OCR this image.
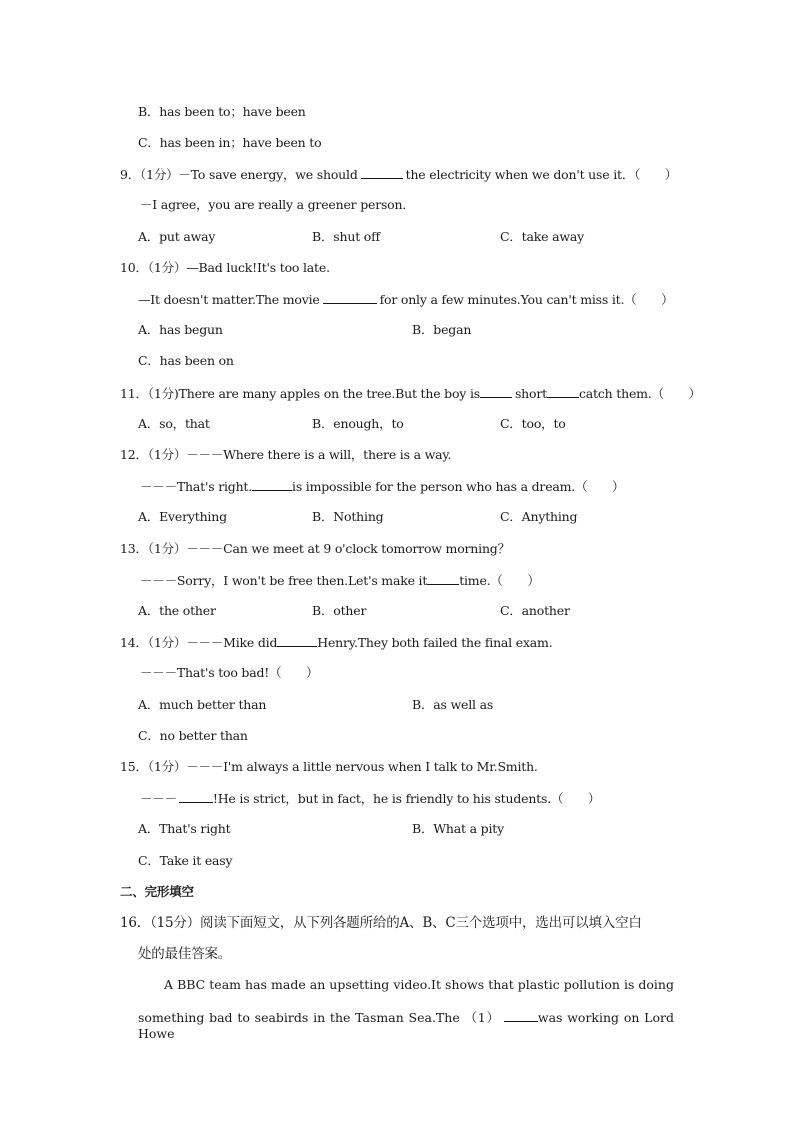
B．has been to；have been
C．has been in；have been to
9．（1分）－To save energy，we should	the electricity when we don't use it．（　　）
－I agree，you are really a greener person．
A．put away	B．shut off	C．take away
10．（1分）—Bad luck!It's too late.
—It doesn't matter.The movie	for only a few minutes.You can't miss it.（　　）
A．has begun	B．began
C．has been on
11．（1分)There are many apples on the tree.But the boy is	short	catch them.（　　）
A．so，that	B．enough，to	C．too，to
12．（1分）－－－Where there is a will，there is a way.
－－－That's right.	is impossible for the person who has a dream.（　　）
A．Everything	B．Nothing	C．Anything
13．（1分）－－－Can we meet at 9 o'clock tomorrow morning？
－－－Sorry，I won't be free then.Let's make it	time.（　　）
A．the other	B．other	C．another
14．（1分）－－－Mike did	Henry.They both failed the final exam.
－－－That's too bad!（　　）
A．much better than	B．as well as
C．no better than
15．（1分）－－－I'm always a little nervous when I talk to Mr.Smith.
－－－	!He is strict，but in fact，he is friendly to his students.（　　）
A．That's right	B．What a pity
C．Take it easy
二、完形填空
16．（15分）阅读下面短文，从下列各题所给的A、B、C三个选项中，选出可以填入空白
处的最佳答案。
A BBC team has made an upsetting video.It shows that plastic pollution is doing
something bad to seabirds in the Tasman Sea.The （1）	was working on Lord Howe
